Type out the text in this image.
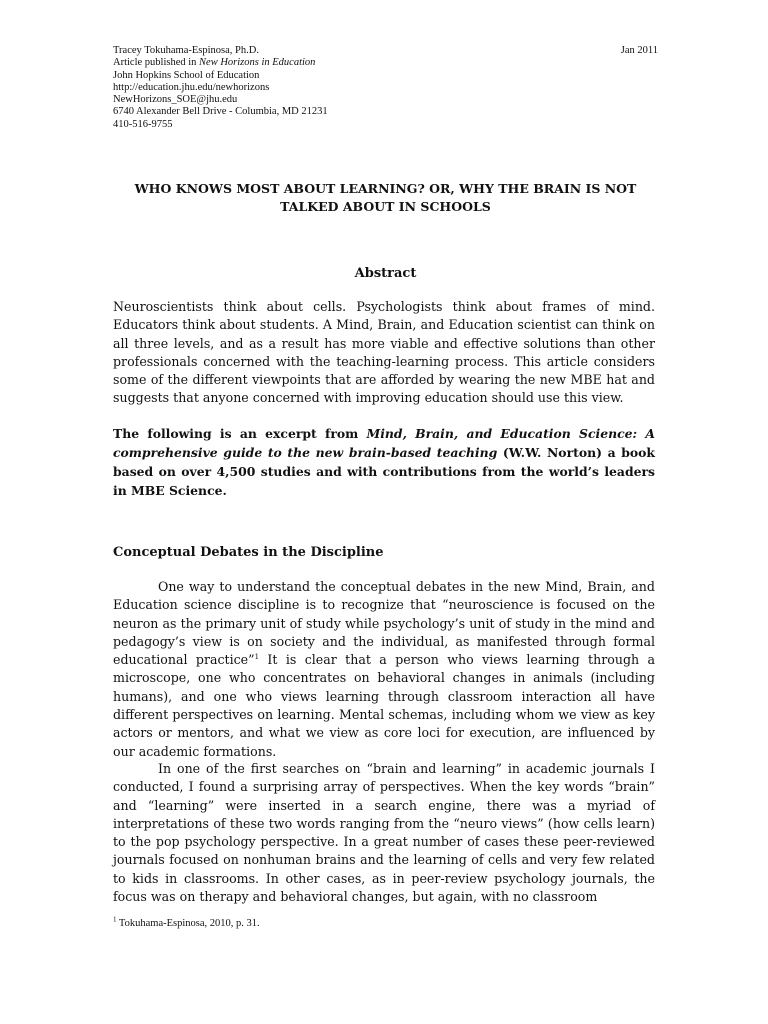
Jan 2011
Tracey Tokuhama-Espinosa, Ph.D.
Article published in New Horizons in Education
John Hopkins School of Education
http://education.jhu.edu/newhorizons
NewHorizons_SOE@jhu.edu
6740 Alexander Bell Drive - Columbia, MD 21231
410-516-9755
WHO KNOWS MOST ABOUT LEARNING? OR, WHY THE BRAIN IS NOT TALKED ABOUT IN SCHOOLS
Abstract
Neuroscientists think about cells. Psychologists think about frames of mind. Educators think about students. A Mind, Brain, and Education scientist can think on all three levels, and as a result has more viable and effective solutions than other professionals concerned with the teaching-learning process. This article considers some of the different viewpoints that are afforded by wearing the new MBE hat and suggests that anyone concerned with improving education should use this view.
The following is an excerpt from Mind, Brain, and Education Science: A comprehensive guide to the new brain-based teaching (W.W. Norton) a book based on over 4,500 studies and with contributions from the world’s leaders in MBE Science.
Conceptual Debates in the Discipline
One way to understand the conceptual debates in the new Mind, Brain, and Education science discipline is to recognize that “neuroscience is focused on the neuron as the primary unit of study while psychology’s unit of study in the mind and pedagogy’s view is on society and the individual, as manifested through formal educational practice”$^1$ It is clear that a person who views learning through a microscope, one who concentrates on behavioral changes in animals (including humans), and one who views learning through classroom interaction all have different perspectives on learning. Mental schemas, including whom we view as key actors or mentors, and what we view as core loci for execution, are influenced by our academic formations.
In one of the first searches on “brain and learning” in academic journals I conducted, I found a surprising array of perspectives. When the key words “brain” and “learning” were inserted in a search engine, there was a myriad of interpretations of these two words ranging from the “neuro views” (how cells learn) to the pop psychology perspective. In a great number of cases these peer-reviewed journals focused on nonhuman brains and the learning of cells and very few related to kids in classrooms. In other cases, as in peer-review psychology journals, the focus was on therapy and behavioral changes, but again, with no classroom
$^1$ Tokuhama-Espinosa, 2010, p. 31.
